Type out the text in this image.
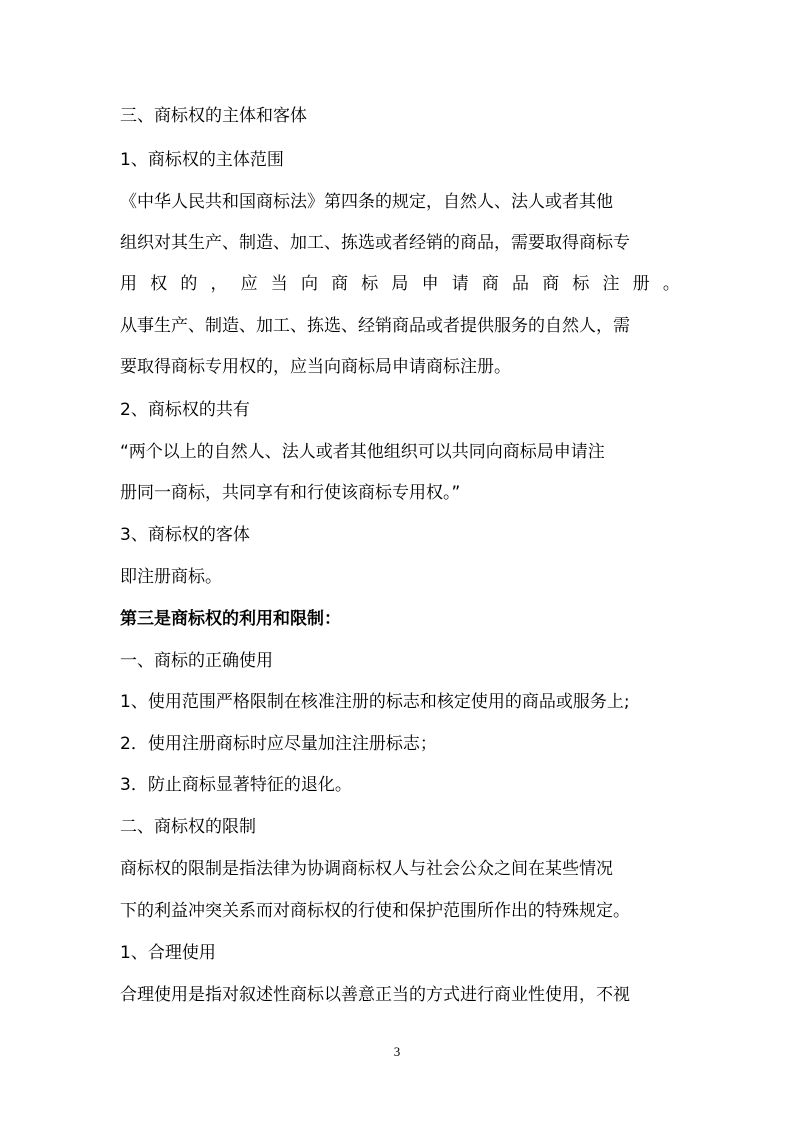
三、商标权的主体和客体
1、商标权的主体范围
《中华人民共和国商标法》第四条的规定，自然人、法人或者其他
组织对其生产、制造、加工、拣选或者经销的商品，需要取得商标专
用 权 的 ， 应 当 向 商 标 局 申 请 商 品 商 标 注 册 。
从事生产、制造、加工、拣选、经销商品或者提供服务的自然人，需
要取得商标专用权的，应当向商标局申请商标注册。
2、商标权的共有
“两个以上的自然人、法人或者其他组织可以共同向商标局申请注
册同一商标，共同享有和行使该商标专用权。”
3、商标权的客体
即注册商标。
第三是商标权的利用和限制：
一、商标的正确使用
1、使用范围严格限制在核准注册的标志和核定使用的商品或服务上;
2．使用注册商标时应尽量加注注册标志；
3．防止商标显著特征的退化。
二、商标权的限制
商标权的限制是指法律为协调商标权人与社会公众之间在某些情况
下的利益冲突关系而对商标权的行使和保护范围所作出的特殊规定。
1、合理使用
合理使用是指对叙述性商标以善意正当的方式进行商业性使用，不视
3
